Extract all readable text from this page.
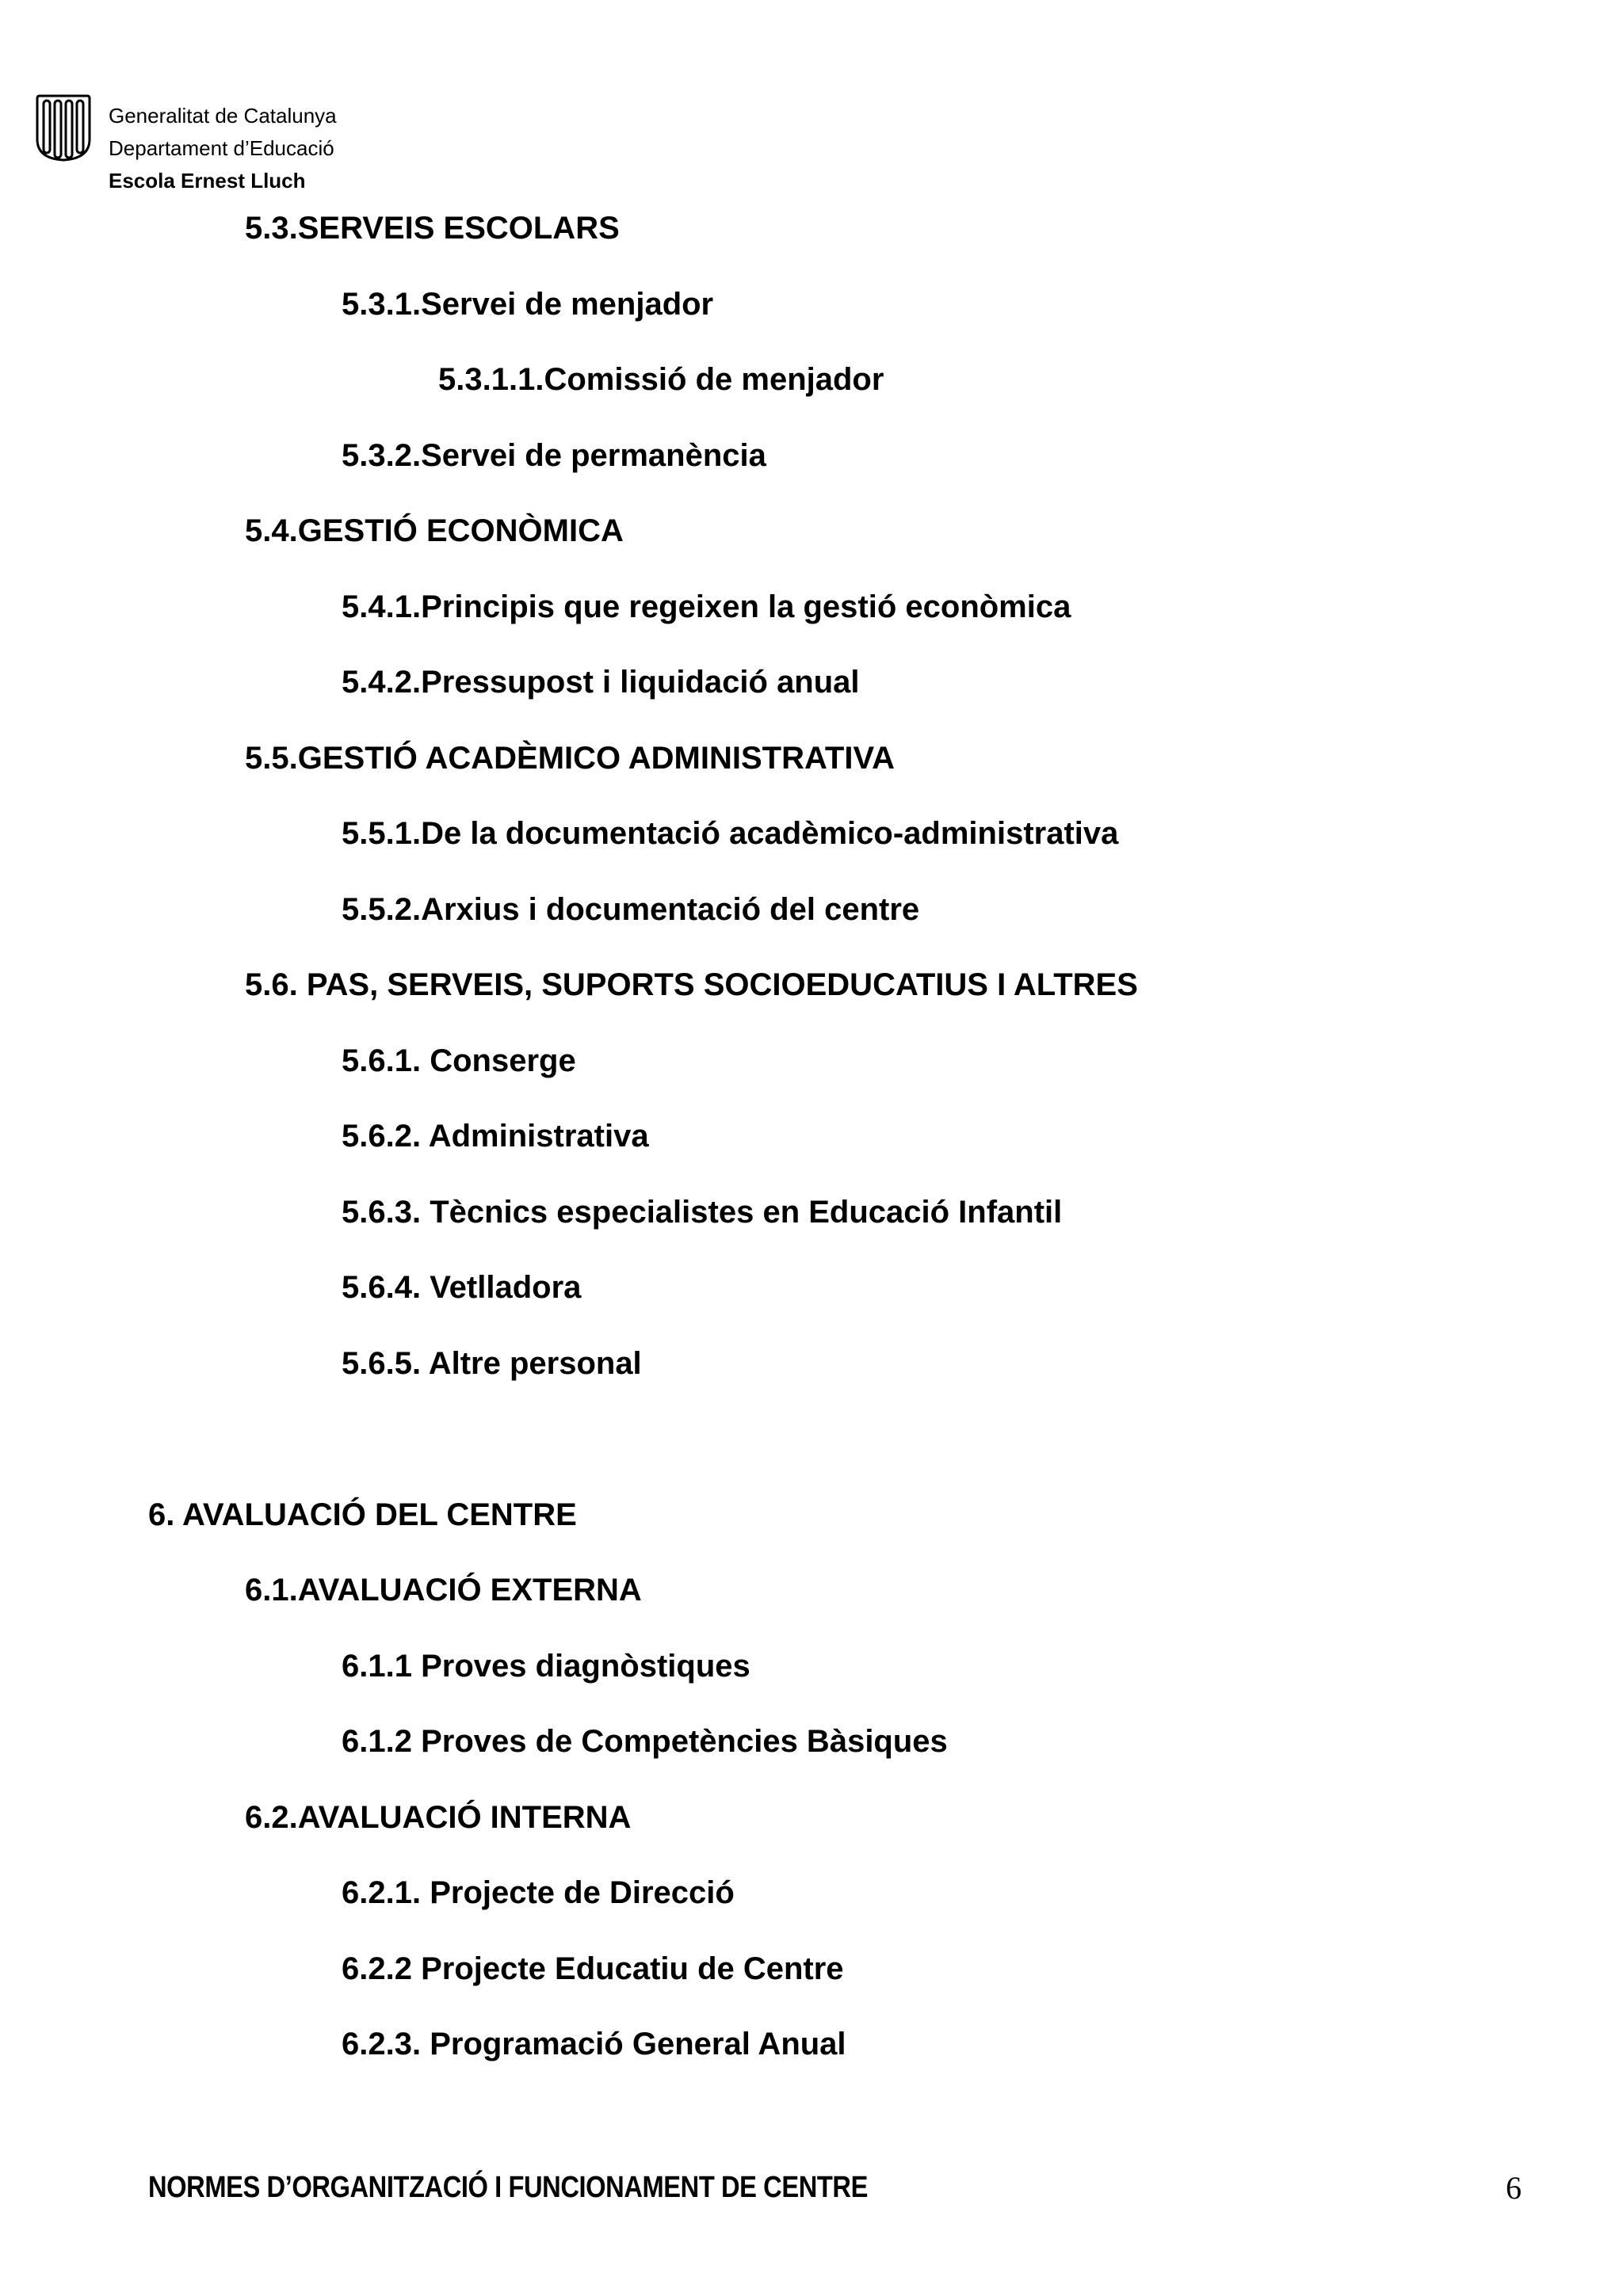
Generalitat de Catalunya
Departament d’Educació
Escola Ernest Lluch
5.3.SERVEIS ESCOLARS
5.3.1.Servei de menjador
5.3.1.1.Comissió de menjador
5.3.2.Servei de permanència
5.4.GESTIÓ ECONÒMICA
5.4.1.Principis que regeixen la gestió econòmica
5.4.2.Pressupost i liquidació anual
5.5.GESTIÓ ACADÈMICO ADMINISTRATIVA
5.5.1.De la documentació acadèmico-administrativa
5.5.2.Arxius i documentació del centre
5.6. PAS, SERVEIS, SUPORTS SOCIOEDUCATIUS I ALTRES
5.6.1. Conserge
5.6.2. Administrativa
5.6.3. Tècnics especialistes en Educació Infantil
5.6.4. Vetlladora
5.6.5. Altre personal
6. AVALUACIÓ DEL CENTRE
6.1.AVALUACIÓ EXTERNA
6.1.1 Proves diagnòstiques
6.1.2 Proves de Competències Bàsiques
6.2.AVALUACIÓ INTERNA
6.2.1. Projecte de Direcció
6.2.2 Projecte Educatiu de Centre
6.2.3. Programació General Anual
NORMES D’ORGANITZACIÓ I FUNCIONAMENT DE CENTRE	6
